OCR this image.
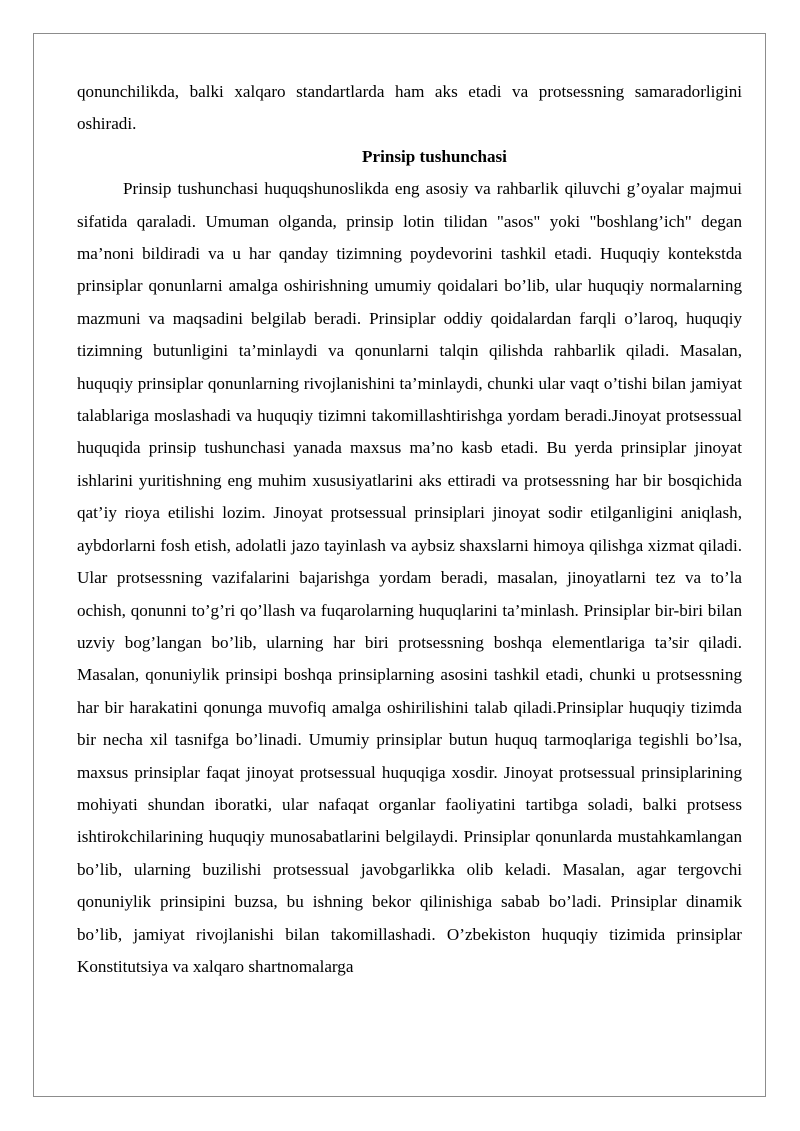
qonunchilikda, balki xalqaro standartlarda ham aks etadi va protsessning samaradorligini oshiradi.

Prinsip tushunchasi

Prinsip tushunchasi huquqshunoslikda eng asosiy va rahbarlik qiluvchi g’oyalar majmui sifatida qaraladi. Umuman olganda, prinsip lotin tilidan "asos" yoki "boshlang’ich" degan ma’noni bildiradi va u har qanday tizimning poydevorini tashkil etadi. Huquqiy kontekstda prinsiplar qonunlarni amalga oshirishning umumiy qoidalari bo’lib, ular huquqiy normalarning mazmuni va maqsadini belgilab beradi. Prinsiplar oddiy qoidalardan farqli o’laroq, huquqiy tizimning butunligini ta’minlaydi va qonunlarni talqin qilishda rahbarlik qiladi. Masalan, huquqiy prinsiplar qonunlarning rivojlanishini ta’minlaydi, chunki ular vaqt o’tishi bilan jamiyat talablariga moslashadi va huquqiy tizimni takomillashtirishga yordam beradi.Jinoyat protsessual huquqida prinsip tushunchasi yanada maxsus ma’no kasb etadi. Bu yerda prinsiplar jinoyat ishlarini yuritishning eng muhim xususiyatlarini aks ettiradi va protsessning har bir bosqichida qat’iy rioya etilishi lozim. Jinoyat protsessual prinsiplari jinoyat sodir etilganligini aniqlash, aybdorlarni fosh etish, adolatli jazo tayinlash va aybsiz shaxslarni himoya qilishga xizmat qiladi. Ular protsessning vazifalarini bajarishga yordam beradi, masalan, jinoyatlarni tez va to’la ochish, qonunni to’g’ri qo’llash va fuqarolarning huquqlarini ta’minlash. Prinsiplar bir-biri bilan uzviy bog’langan bo’lib, ularning har biri protsessning boshqa elementlariga ta’sir qiladi. Masalan, qonuniylik prinsipi boshqa prinsiplarning asosini tashkil etadi, chunki u protsessning har bir harakatini qonunga muvofiq amalga oshirilishini talab qiladi.Prinsiplar huquqiy tizimda bir necha xil tasnifga bo’linadi. Umumiy prinsiplar butun huquq tarmoqlariga tegishli bo’lsa, maxsus prinsiplar faqat jinoyat protsessual huquqiga xosdir. Jinoyat protsessual prinsiplarining mohiyati shundan iboratki, ular nafaqat organlar faoliyatini tartibga soladi, balki protsess ishtirokchilarining huquqiy munosabatlarini belgilaydi. Prinsiplar qonunlarda mustahkamlangan bo’lib, ularning buzilishi protsessual javobgarlikka olib keladi. Masalan, agar tergovchi qonuniylik prinsipini buzsa, bu ishning bekor qilinishiga sabab bo’ladi. Prinsiplar dinamik bo’lib, jamiyat rivojlanishi bilan takomillashadi. O’zbekiston huquqiy tizimida prinsiplar Konstitutsiya va xalqaro shartnomalarga
